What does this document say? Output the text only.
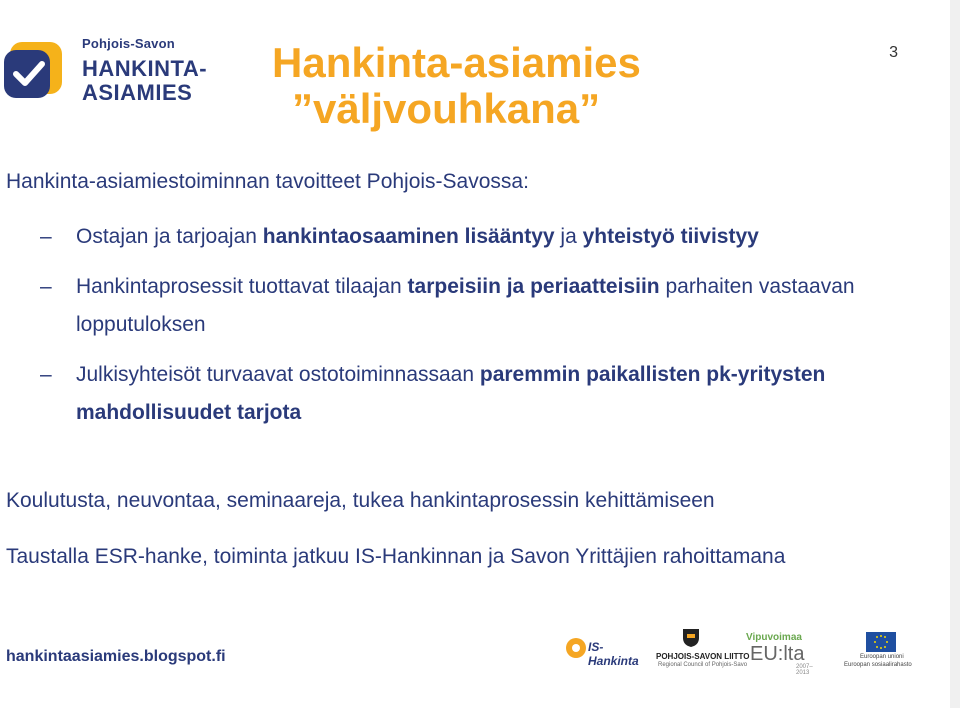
Pohjois-Savon
HANKINTA-
ASIAMIES
Hankinta-asiamies
”väljvouhkana”
3
Hankinta-asiamiestoiminnan tavoitteet Pohjois-Savossa:
– Ostajan ja tarjoajan hankintaosaaminen lisääntyy ja yhteistyö tiivistyy
– Hankintaprosessit tuottavat tilaajan tarpeisiin ja periaatteisiin parhaiten vastaavan lopputuloksen
– Julkisyhteisöt turvaavat ostotoiminnassaan paremmin paikallisten pk-yritysten mahdollisuudet tarjota
Koulutusta, neuvontaa, seminaareja, tukea hankintaprosessin kehittämiseen
Taustalla ESR-hanke, toiminta jatkuu IS-Hankinnan ja Savon Yrittäjien rahoittamana
hankintaasiamies.blogspot.fi
IS-Hankinta	POHJOIS-SAVON LIITTO
Regional Council of Pohjois-Savo
Vipuvoimaa
EU:lta
2007–2013
Euroopan unioni
Euroopan sosiaalirahasto
